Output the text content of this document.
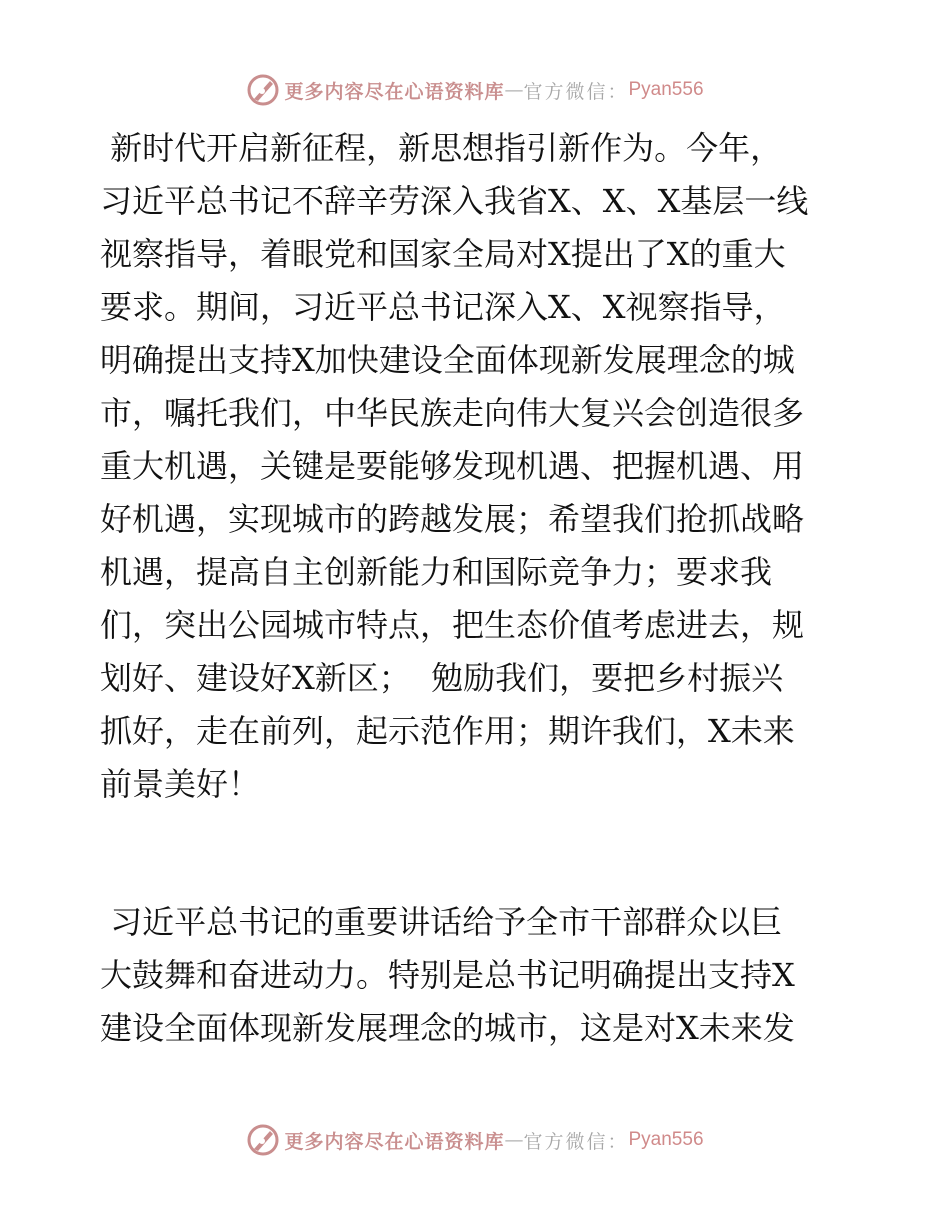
更多内容尽在心语资料库 — 官方微信： Pyan556
新时代开启新征程，新思想指引新作为。今年，
习近平总书记不辞辛劳深入我省X、X、X基层一线
视察指导，着眼党和国家全局对X提出了X的重大
要求。期间，习近平总书记深入X、X视察指导，
明确提出支持X加快建设全面体现新发展理念的城
市，嘱托我们，中华民族走向伟大复兴会创造很多
重大机遇，关键是要能够发现机遇、把握机遇、用
好机遇，实现城市的跨越发展；希望我们抢抓战略
机遇，提高自主创新能力和国际竞争力；要求我
们，突出公园城市特点，把生态价值考虑进去，规
划好、建设好X新区；  勉励我们，要把乡村振兴
抓好，走在前列，起示范作用；期许我们，X未来
前景美好！
习近平总书记的重要讲话给予全市干部群众以巨
大鼓舞和奋进动力。特别是总书记明确提出支持X
建设全面体现新发展理念的城市，这是对X未来发
更多内容尽在心语资料库 — 官方微信： Pyan556
